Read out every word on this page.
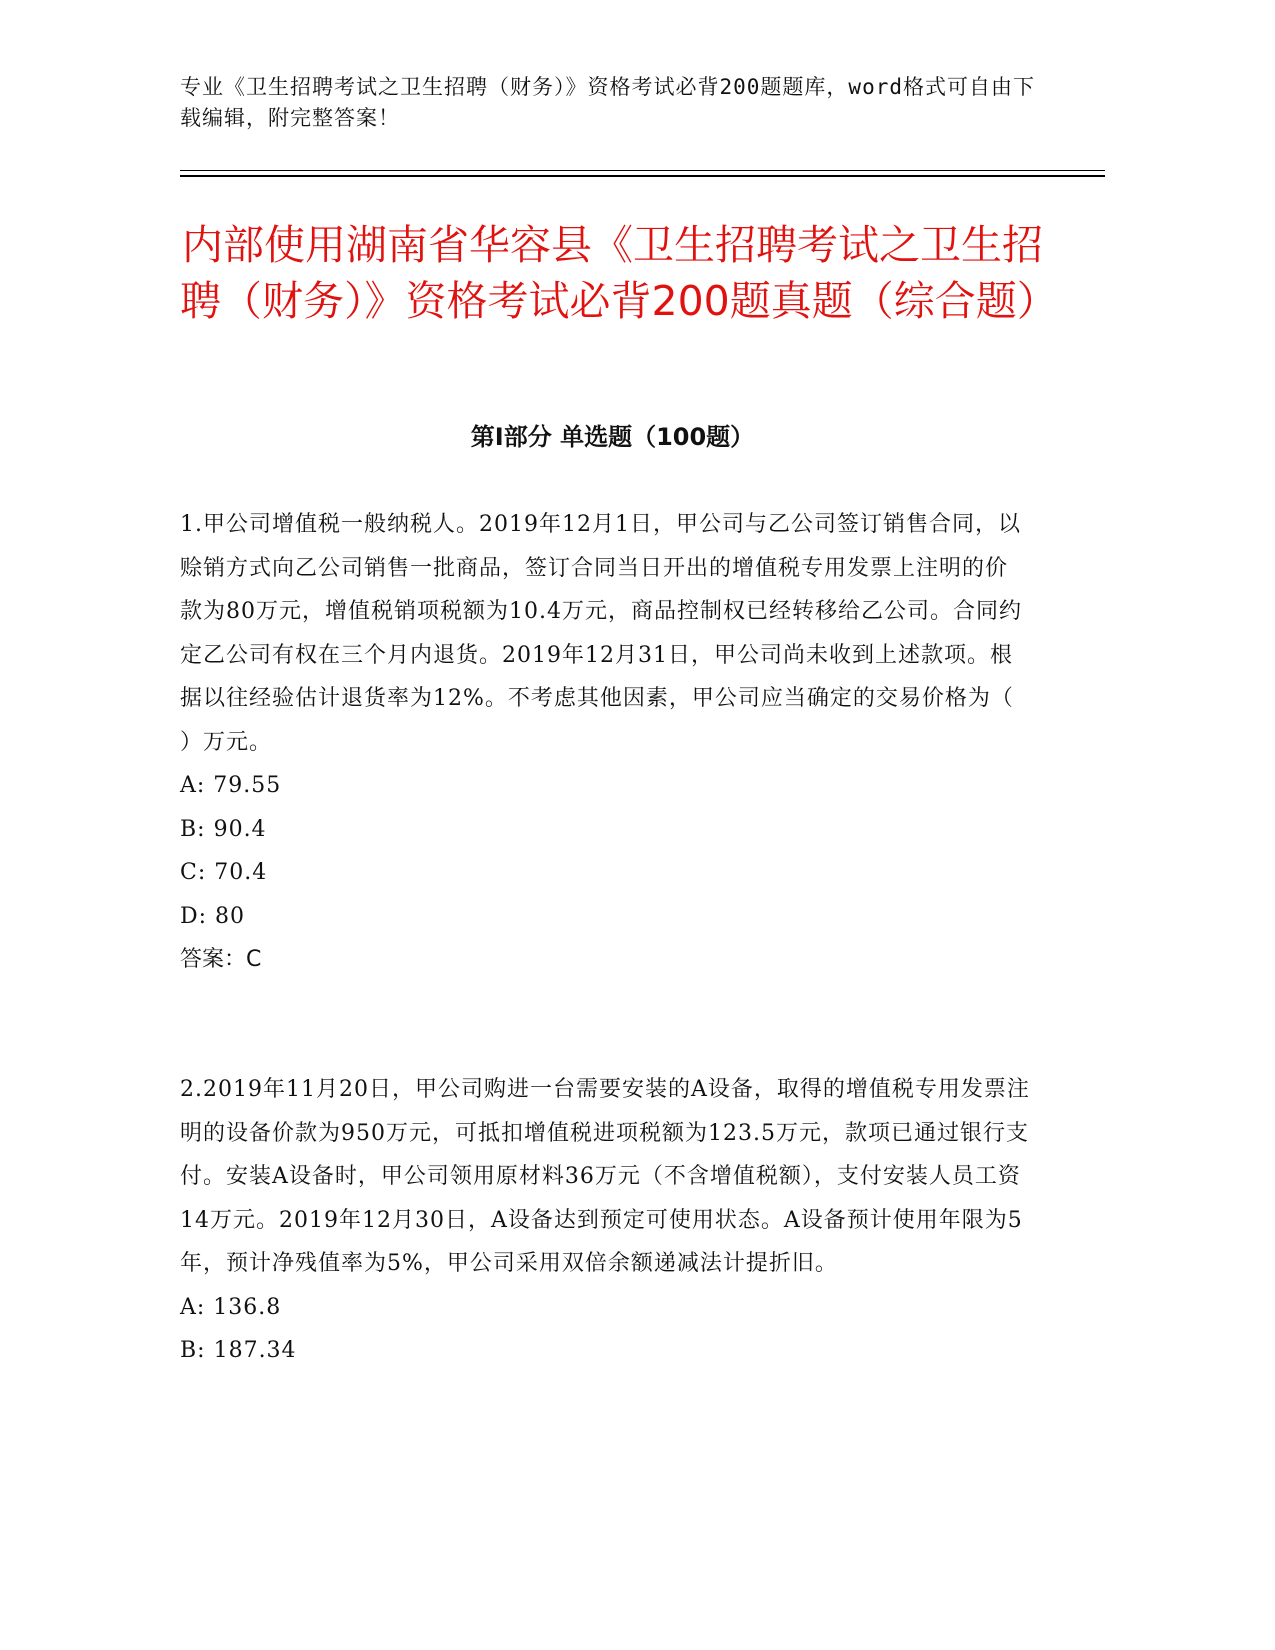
专业《卫生招聘考试之卫生招聘（财务）》资格考试必背200题题库，word格式可自由下载编辑，附完整答案！
内部使用湖南省华容县《卫生招聘考试之卫生招聘（财务）》资格考试必背200题真题（综合题）
第I部分 单选题（100题）

1.甲公司增值税一般纳税人。2019年12月1日，甲公司与乙公司签订销售合同，以赊销方式向乙公司销售一批商品，签订合同当日开出的增值税专用发票上注明的价款为80万元，增值税销项税额为10.4万元，商品控制权已经转移给乙公司。合同约定乙公司有权在三个月内退货。2019年12月31日，甲公司尚未收到上述款项。根据以往经验估计退货率为12%。不考虑其他因素，甲公司应当确定的交易价格为（ ）万元。

A: 79.55

B: 90.4

C: 70.4

D: 80

答案：C

2.2019年11月20日，甲公司购进一台需要安装的A设备，取得的增值税专用发票注明的设备价款为950万元，可抵扣增值税进项税额为123.5万元，款项已通过银行支付。安装A设备时，甲公司领用原材料36万元（不含增值税额），支付安装人员工资14万元。2019年12月30日，A设备达到预定可使用状态。A设备预计使用年限为5年，预计净残值率为5%，甲公司采用双倍余额递减法计提折旧。

A: 136.8

B: 187.34
